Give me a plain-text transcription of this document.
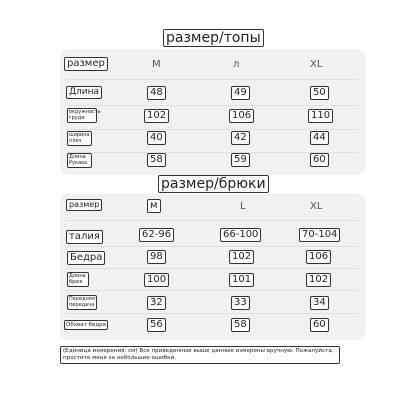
размер/топы
размер	M	л	XL
Длина	48	49	50
окружность груди	102	106	110
ширина плеч	40	42	44
Длина Рукава	58	59	60
размер/брюки
размер	м	L	XL
талия	62-96	66-100	70-104
Бедра	98	102	106
Длина брюк	100	101	102
Передняя передача	32	33	34
Обхват бедра	56	58	60
(Единица измерения: см) Все приведенные выше данные измерены вручную. Пожалуйста, простите меня за небольшие ошибки.
